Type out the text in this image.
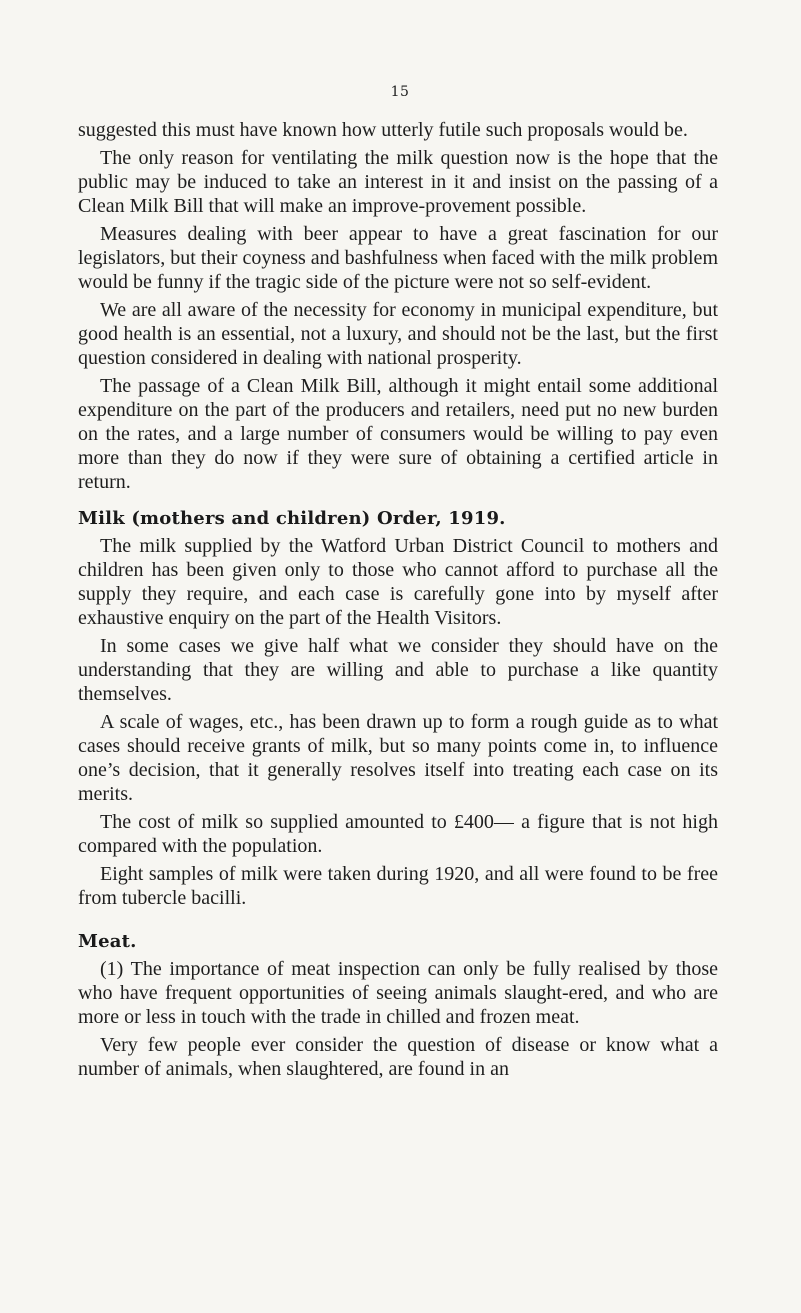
15

suggested this must have known how utterly futile such proposals would be.

The only reason for ventilating the milk question now is the hope that the public may be induced to take an interest in it and insist on the passing of a Clean Milk Bill that will make an improve-provement possible.

Measures dealing with beer appear to have a great fascination for our legislators, but their coyness and bashfulness when faced with the milk problem would be funny if the tragic side of the picture were not so self-evident.

We are all aware of the necessity for economy in municipal expenditure, but good health is an essential, not a luxury, and should not be the last, but the first question considered in dealing with national prosperity.

The passage of a Clean Milk Bill, although it might entail some additional expenditure on the part of the producers and retailers, need put no new burden on the rates, and a large number of consumers would be willing to pay even more than they do now if they were sure of obtaining a certified article in return.

Milk (mothers and children) Order, 1919.

The milk supplied by the Watford Urban District Council to mothers and children has been given only to those who cannot afford to purchase all the supply they require, and each case is carefully gone into by myself after exhaustive enquiry on the part of the Health Visitors.

In some cases we give half what we consider they should have on the understanding that they are willing and able to purchase a like quantity themselves.

A scale of wages, etc., has been drawn up to form a rough guide as to what cases should receive grants of milk, but so many points come in, to influence one’s decision, that it generally resolves itself into treating each case on its merits.

The cost of milk so supplied amounted to £400— a figure that is not high compared with the population.

Eight samples of milk were taken during 1920, and all were found to be free from tubercle bacilli.

Meat.

(1) The importance of meat inspection can only be fully realised by those who have frequent opportunities of seeing animals slaught-ered, and who are more or less in touch with the trade in chilled and frozen meat.

Very few people ever consider the question of disease or know what a number of animals, when slaughtered, are found in an
